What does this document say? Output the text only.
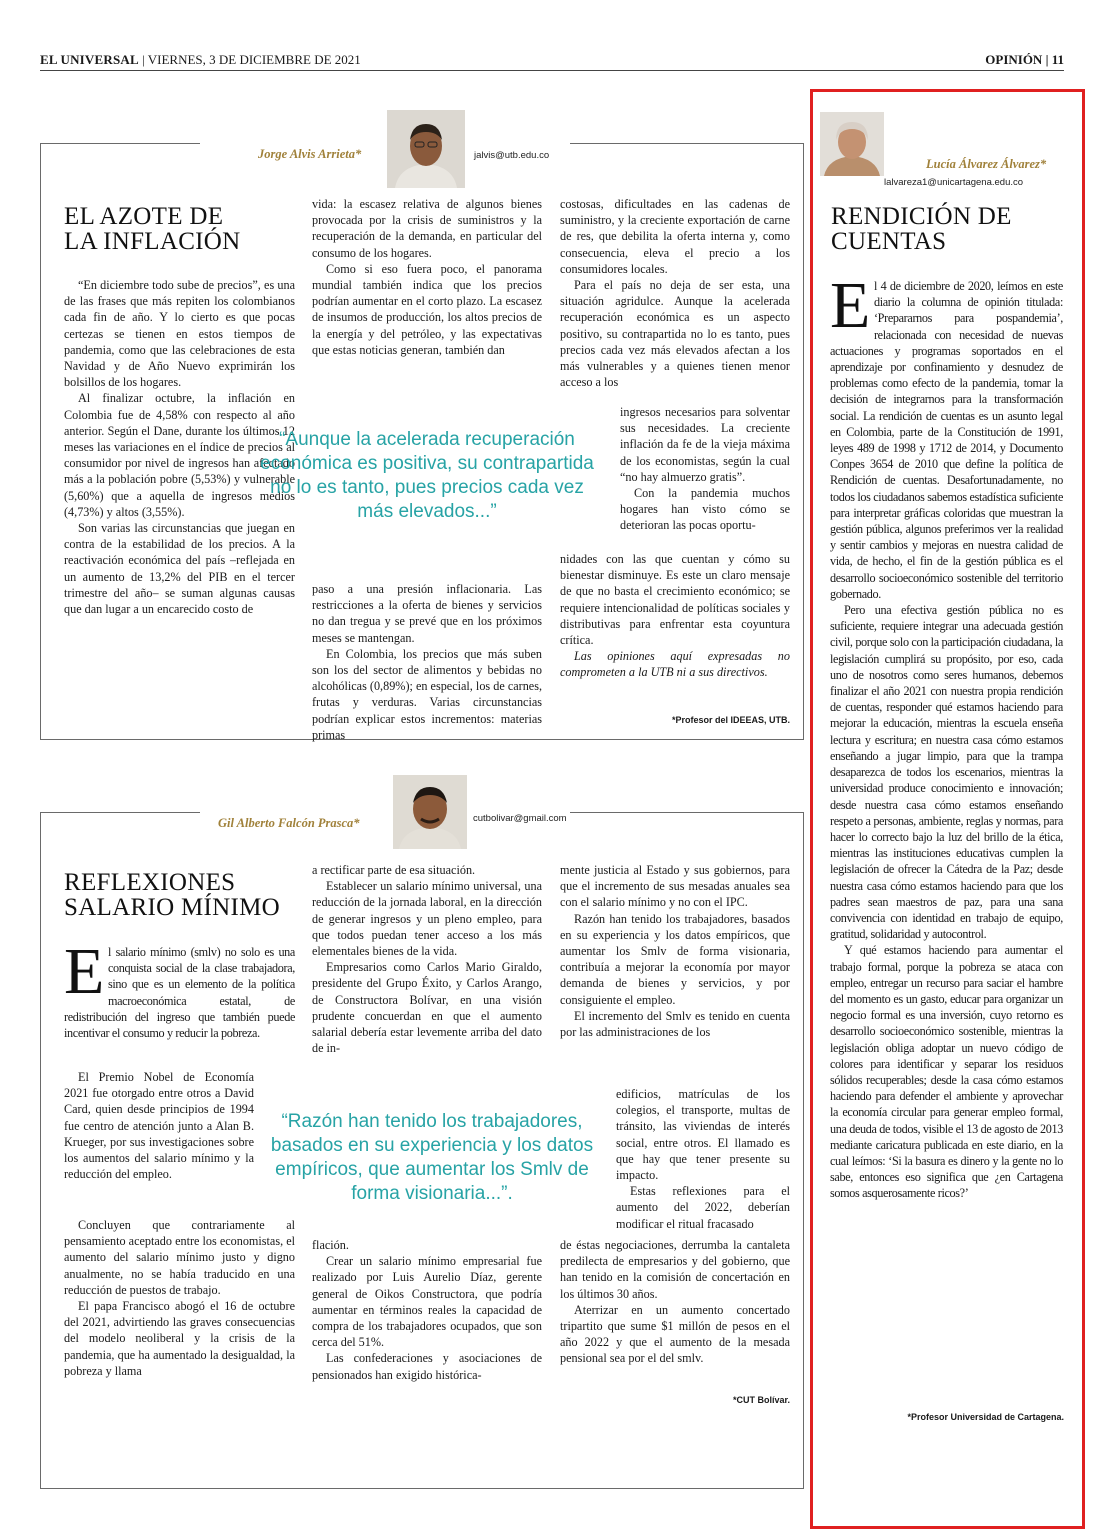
EL UNIVERSAL | VIERNES, 3 DE DICIEMBRE DE 2021	OPINIÓN | 11
Jorge Alvis Arrieta*	jalvis@utb.edu.co
EL AZOTE DE
LA INFLACIÓN

“En diciembre todo sube de precios”, es una de las frases que más repiten los colombianos cada fin de año. Y lo cierto es que pocas certezas se tienen en estos tiempos de pandemia, como que las celebraciones de esta Navidad y de Año Nuevo exprimirán los bolsillos de los hogares.

Al finalizar octubre, la inflación en Colombia fue de 4,58% con respecto al año anterior. Según el Dane, durante los últimos 12 meses las variaciones en el índice de precios al consumidor por nivel de ingresos han afectado más a la población pobre (5,53%) y vulnerable (5,60%) que a aquella de ingresos medios (4,73%) y altos (3,55%).

Son varias las circunstancias que juegan en contra de la estabilidad de los precios. A la reactivación económica del país –reflejada en un aumento de 13,2% del PIB en el tercer trimestre del año– se suman algunas causas que dan lugar a un encarecido costo de

vida: la escasez relativa de algunos bienes provocada por la crisis de suministros y la recuperación de la demanda, en particular del consumo de los hogares.

Como si eso fuera poco, el panorama mundial también indica que los precios podrían aumentar en el corto plazo. La escasez de insumos de producción, los altos precios de la energía y del petróleo, y las expectativas que estas noticias generan, también dan

“Aunque la acelerada recuperación económica es positiva, su contrapartida no lo es tanto, pues precios cada vez más elevados...”

paso a una presión inflacionaria. Las restricciones a la oferta de bienes y servicios no dan tregua y se prevé que en los próximos meses se mantengan.

En Colombia, los precios que más suben son los del sector de alimentos y bebidas no alcohólicas (0,89%); en especial, los de carnes, frutas y verduras. Varias circunstancias podrían explicar estos incrementos: materias primas

costosas, dificultades en las cadenas de suministro, y la creciente exportación de carne de res, que debilita la oferta interna y, como consecuencia, eleva el precio a los consumidores locales.

Para el país no deja de ser esta, una situación agridulce. Aunque la acelerada recuperación económica es un aspecto positivo, su contrapartida no lo es tanto, pues precios cada vez más elevados afectan a los más vulnerables y a quienes tienen menor acceso a los

ingresos necesarios para solventar sus necesidades. La creciente inflación da fe de la vieja máxima de los economistas, según la cual “no hay almuerzo gratis”.

Con la pandemia muchos hogares han visto cómo se deterioran las pocas oportu-

nidades con las que cuentan y cómo su bienestar disminuye. Es este un claro mensaje de que no basta el crecimiento económico; se requiere intencionalidad de políticas sociales y distributivas para enfrentar esta coyuntura crítica.

Las opiniones aquí expresadas no comprometen a la UTB ni a sus directivos.

*Profesor del IDEEAS, UTB.
Gil Alberto Falcón Prasca*	cutbolivar@gmail.com
REFLEXIONES
SALARIO MÍNIMO

El salario mínimo (smlv) no solo es una conquista social de la clase trabajadora, sino que es un elemento de la política macroeconómica estatal, de redistribución del ingreso que también puede incentivar el consumo y reducir la pobreza.

El Premio Nobel de Economía 2021 fue otorgado entre otros a David Card, quien desde principios de 1994 fue centro de atención junto a Alan B. Krueger, por sus investigaciones sobre los aumentos del salario mínimo y la reducción del empleo.

Concluyen que contrariamente al pensamiento aceptado entre los economistas, el aumento del salario mínimo justo y digno anualmente, no se había traducido en una reducción de puestos de trabajo.

El papa Francisco abogó el 16 de octubre del 2021, advirtiendo las graves consecuencias del modelo neoliberal y la crisis de la pandemia, que ha aumentado la desigualdad, la pobreza y llama

a rectificar parte de esa situación.

Establecer un salario mínimo universal, una reducción de la jornada laboral, en la dirección de generar ingresos y un pleno empleo, para que todos puedan tener acceso a los más elementales bienes de la vida.

Empresarios como Carlos Mario Giraldo, presidente del Grupo Éxito, y Carlos Arango, de Constructora Bolívar, en una visión prudente concuerdan en que el aumento salarial debería estar levemente arriba del dato de in-

“Razón han tenido los trabajadores, basados en su experiencia y los datos empíricos, que aumentar los Smlv de forma visionaria...”.

flación.

Crear un salario mínimo empresarial fue realizado por Luis Aurelio Díaz, gerente general de Oikos Constructora, que podría aumentar en términos reales la capacidad de compra de los trabajadores ocupados, que son cerca del 51%.

Las confederaciones y asociaciones de pensionados han exigido histórica-

mente justicia al Estado y sus gobiernos, para que el incremento de sus mesadas anuales sea con el salario mínimo y no con el IPC.

Razón han tenido los trabajadores, basados en su experiencia y los datos empíricos, que aumentar los Smlv de forma visionaria, contribuía a mejorar la economía por mayor demanda de bienes y servicios, y por consiguiente el empleo.

El incremento del Smlv es tenido en cuenta por las administraciones de los

edificios, matrículas de los colegios, el transporte, multas de tránsito, las viviendas de interés social, entre otros. El llamado es que hay que tener presente su impacto.

Estas reflexiones para el aumento del 2022, deberían modificar el ritual fracasado

de éstas negociaciones, derrumba la cantaleta predilecta de empresarios y del gobierno, que han tenido en la comisión de concertación en los últimos 30 años.

Aterrizar en un aumento concertado tripartito que sume $1 millón de pesos en el año 2022 y que el aumento de la mesada pensional sea por el del smlv.

*CUT Bolívar.
Lucía Álvarez Álvarez*
lalvareza1@unicartagena.edu.co
RENDICIÓN DE
CUENTAS

El 4 de diciembre de 2020, leímos en este diario la columna de opinión titulada: ‘Prepararnos para pospandemia’, relacionada con necesidad de nuevas actuaciones y programas soportados en el aprendizaje por confinamiento y desnudez de problemas como efecto de la pandemia, tomar la decisión de integrarnos para la transformación social. La rendición de cuentas es un asunto legal en Colombia, parte de la Constitución de 1991, leyes 489 de 1998 y 1712 de 2014, y Documento Conpes 3654 de 2010 que define la política de Rendición de cuentas. Desafortunadamente, no todos los ciudadanos sabemos estadística suficiente para interpretar gráficas coloridas que muestran la gestión pública, algunos preferimos ver la realidad y sentir cambios y mejoras en nuestra calidad de vida, de hecho, el fin de la gestión pública es el desarrollo socioeconómico sostenible del territorio gobernado.

Pero una efectiva gestión pública no es suficiente, requiere integrar una adecuada gestión civil, porque solo con la participación ciudadana, la legislación cumplirá su propósito, por eso, cada uno de nosotros como seres humanos, debemos finalizar el año 2021 con nuestra propia rendición de cuentas, responder qué estamos haciendo para mejorar la educación, mientras la escuela enseña lectura y escritura; en nuestra casa cómo estamos enseñando a jugar limpio, para que la trampa desaparezca de todos los escenarios, mientras la universidad produce conocimiento e innovación; desde nuestra casa cómo estamos enseñando respeto a personas, ambiente, reglas y normas, para hacer lo correcto bajo la luz del brillo de la ética, mientras las instituciones educativas cumplen la legislación de ofrecer la Cátedra de la Paz; desde nuestra casa cómo estamos haciendo para que los padres sean maestros de paz, para una sana convivencia con identidad en trabajo de equipo, gratitud, solidaridad y autocontrol.

Y qué estamos haciendo para aumentar el trabajo formal, porque la pobreza se ataca con empleo, entregar un recurso para saciar el hambre del momento es un gasto, educar para organizar un negocio formal es una inversión, cuyo retorno es desarrollo socioeconómico sostenible, mientras la legislación obliga adoptar un nuevo código de colores para identificar y separar los residuos sólidos recuperables; desde la casa cómo estamos haciendo para defender el ambiente y aprovechar la economía circular para generar empleo formal, una deuda de todos, visible el 13 de agosto de 2013 mediante caricatura publicada en este diario, en la cual leímos: ‘Si la basura es dinero y la gente no lo sabe, entonces eso significa que ¿en Cartagena somos asquerosamente ricos?’

*Profesor Universidad de Cartagena.
